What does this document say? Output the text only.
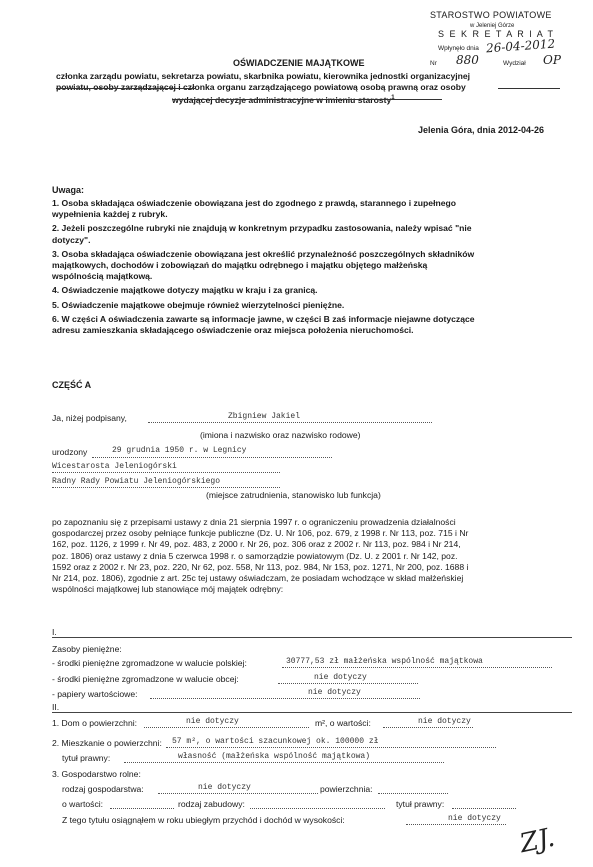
STAROSTWO POWIATOWE
w Jeleniej Górze
S E K R E T A R I A T
Wpłynęło dnia 26-04-2012
Nr 880	Wydział OP
OŚWIADCZENIE MAJĄTKOWE
członka zarządu powiatu, sekretarza powiatu, skarbnika powiatu, kierownika jednostki organizacyjnej
powiatu, osoby zarządzającej i członka organu zarządzającego powiatową osobą prawną oraz osoby
wydającej decyzje administracyjne w imieniu starosty$^1$
Jelenia Góra, dnia 2012-04-26
Uwaga:
1. Osoba składająca oświadczenie obowiązana jest do zgodnego z prawdą, starannego i zupełnego
wypełnienia każdej z rubryk.
2. Jeżeli poszczególne rubryki nie znajdują w konkretnym przypadku zastosowania, należy wpisać "nie
dotyczy".
3. Osoba składająca oświadczenie obowiązana jest określić przynależność poszczególnych składników
majątkowych, dochodów i zobowiązań do majątku odrębnego i majątku objętego małżeńską
wspólnością majątkową.
4. Oświadczenie majątkowe dotyczy majątku w kraju i za granicą.
5. Oświadczenie majątkowe obejmuje również wierzytelności pieniężne.
6. W części A oświadczenia zawarte są informacje jawne, w części B zaś informacje niejawne dotyczące
adresu zamieszkania składającego oświadczenie oraz miejsca położenia nieruchomości.
CZĘŚĆ A
Ja, niżej podpisany,	Zbigniew Jakiel
(imiona i nazwisko oraz nazwisko rodowe)
urodzony	29 grudnia 1950 r. w Legnicy
Wicestarosta Jeleniogórski
Radny Rady Powiatu Jeleniogórskiego
(miejsce zatrudnienia, stanowisko lub funkcja)
po zapoznaniu się z przepisami ustawy z dnia 21 sierpnia 1997 r. o ograniczeniu prowadzenia działalności
gospodarczej przez osoby pełniące funkcje publiczne (Dz. U. Nr 106, poz. 679, z 1998 r. Nr 113, poz. 715 i Nr
162, poz. 1126, z 1999 r. Nr 49, poz. 483, z 2000 r. Nr 26, poz. 306 oraz z 2002 r. Nr 113, poz. 984 i Nr 214,
poz. 1806) oraz ustawy z dnia 5 czerwca 1998 r. o samorządzie powiatowym (Dz. U. z 2001 r. Nr 142, poz.
1592 oraz z 2002 r. Nr 23, poz. 220, Nr 62, poz. 558, Nr 113, poz. 984, Nr 153, poz. 1271, Nr 200, poz. 1688 i
Nr 214, poz. 1806), zgodnie z art. 25c tej ustawy oświadczam, że posiadam wchodzące w skład małżeńskiej
wspólności majątkowej lub stanowiące mój majątek odrębny:
I.
Zasoby pieniężne:
- środki pieniężne zgromadzone w walucie polskiej:	30777,53 zł małżeńska wspólność majątkowa
- środki pieniężne zgromadzone w walucie obcej:	nie dotyczy
- papiery wartościowe:	nie dotyczy
II.
1. Dom o powierzchni:	nie dotyczy	m², o wartości:	nie dotyczy
2. Mieszkanie o powierzchni: 57 m², o wartości szacunkowej ok. 100000 zł
tytuł prawny:	własność (małżeńska wspólność majątkowa)
3. Gospodarstwo rolne:
rodzaj gospodarstwa:	nie dotyczy	powierzchnia:
o wartości:	rodzaj zabudowy:	tytuł prawny:
Z tego tytułu osiągnąłem w roku ubiegłym przychód i dochód w wysokości:	nie dotyczy
ZJ.
